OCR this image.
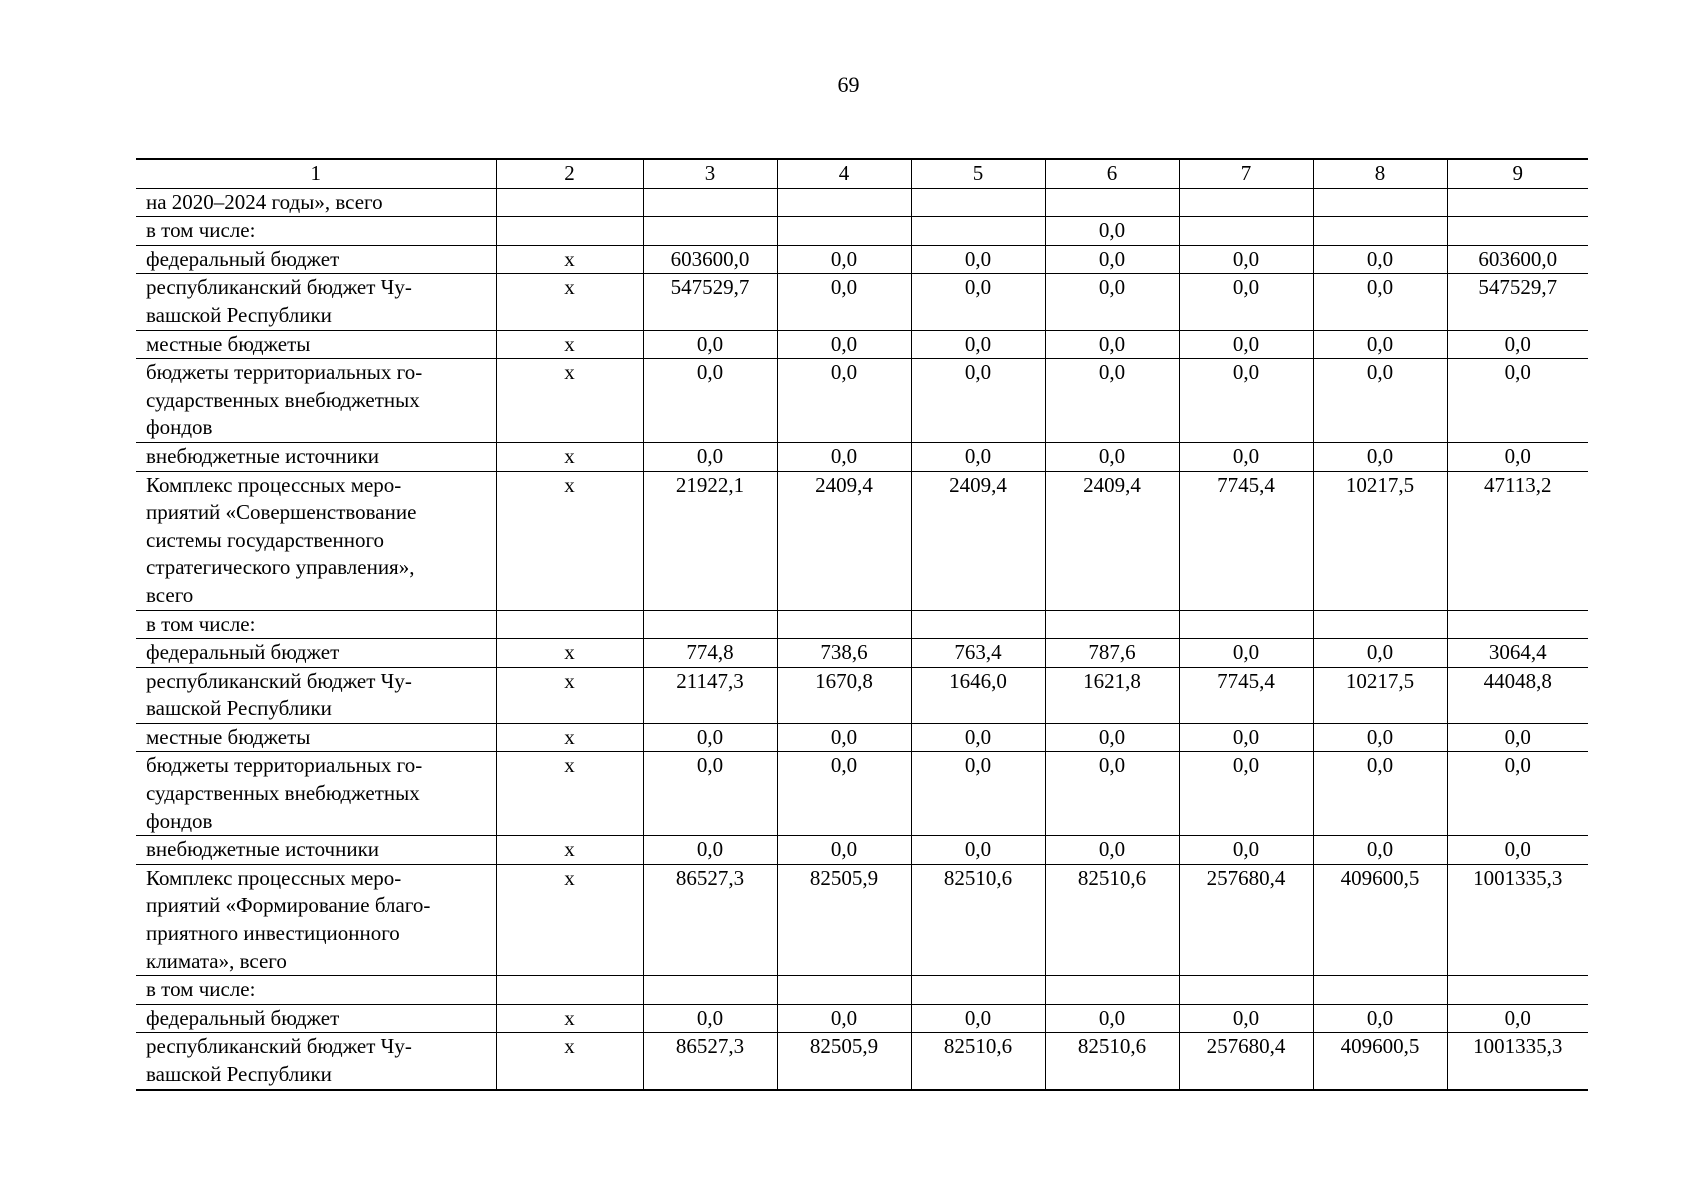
69
1	2	3	4	5	6	7	8	9

на 2020–2024 годы», всего								

в том числе:					0,0			

федеральный бюджет	х	603600,0	0,0	0,0	0,0	0,0	0,0	603600,0

республиканский бюджет Чу-
вашской Республики	х	547529,7	0,0	0,0	0,0	0,0	0,0	547529,7

местные бюджеты	х	0,0	0,0	0,0	0,0	0,0	0,0	0,0

бюджеты территориальных го-
сударственных внебюджетных
фондов	х	0,0	0,0	0,0	0,0	0,0	0,0	0,0

внебюджетные источники	х	0,0	0,0	0,0	0,0	0,0	0,0	0,0

Комплекс процессных меро-
приятий «Совершенствование
системы государственного
стратегического управления»,
всего	х	21922,1	2409,4	2409,4	2409,4	7745,4	10217,5	47113,2

в том числе:								

федеральный бюджет	х	774,8	738,6	763,4	787,6	0,0	0,0	3064,4

республиканский бюджет Чу-
вашской Республики	х	21147,3	1670,8	1646,0	1621,8	7745,4	10217,5	44048,8

местные бюджеты	х	0,0	0,0	0,0	0,0	0,0	0,0	0,0

бюджеты территориальных го-
сударственных внебюджетных
фондов	х	0,0	0,0	0,0	0,0	0,0	0,0	0,0

внебюджетные источники	х	0,0	0,0	0,0	0,0	0,0	0,0	0,0

Комплекс процессных меро-
приятий «Формирование благо-
приятного инвестиционного
климата», всего	х	86527,3	82505,9	82510,6	82510,6	257680,4	409600,5	1001335,3

в том числе:								

федеральный бюджет	х	0,0	0,0	0,0	0,0	0,0	0,0	0,0

республиканский бюджет Чу-
вашской Республики	х	86527,3	82505,9	82510,6	82510,6	257680,4	409600,5	1001335,3
